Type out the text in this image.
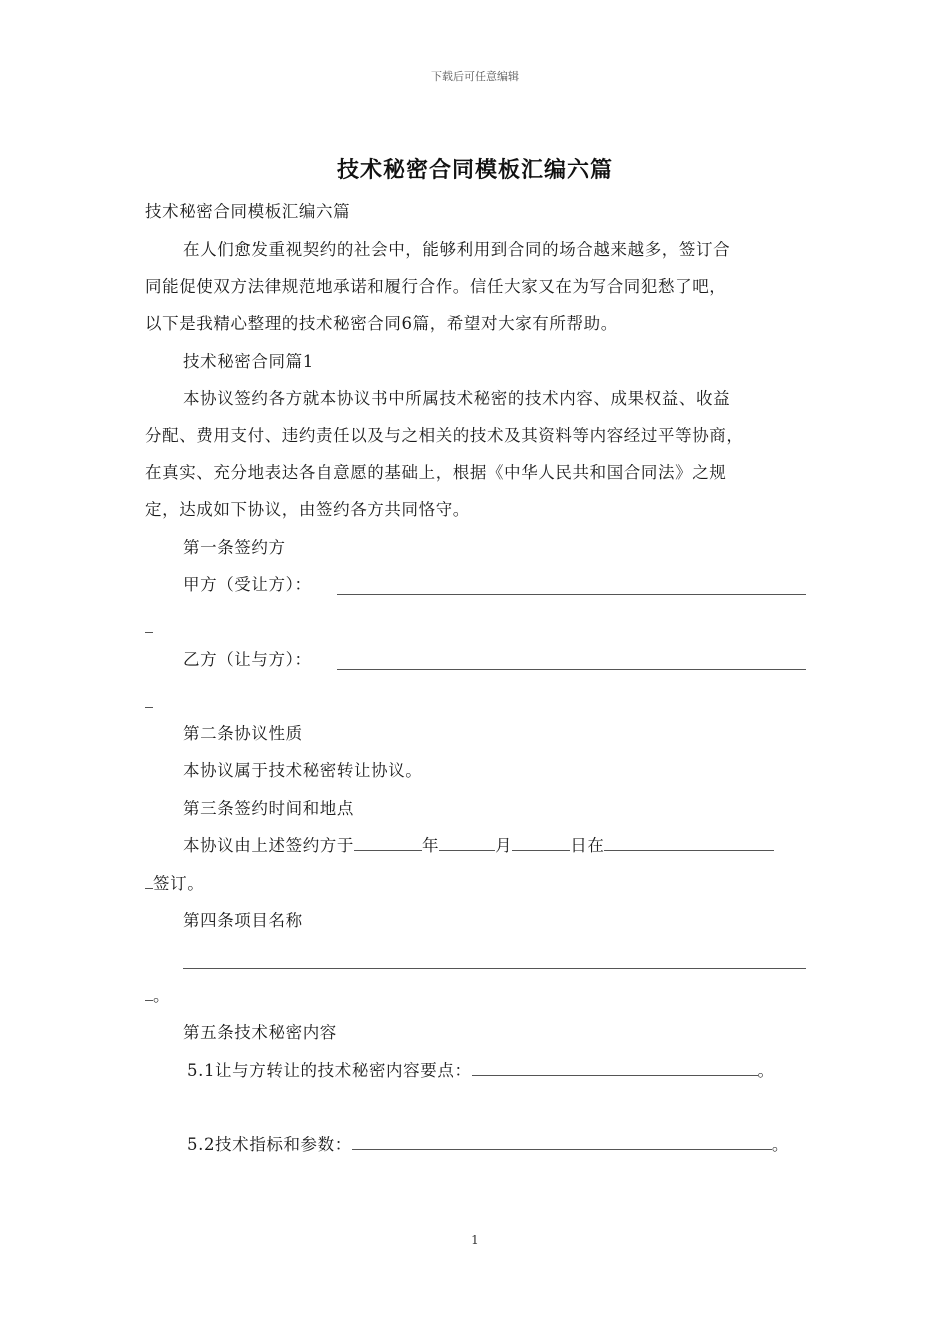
下载后可任意编辑
技术秘密合同模板汇编六篇
技术秘密合同模板汇编六篇
在人们愈发重视契约的社会中，能够利用到合同的场合越来越多，签订合
同能促使双方法律规范地承诺和履行合作。信任大家又在为写合同犯愁了吧，
以下是我精心整理的技术秘密合同6篇，希望对大家有所帮助。
技术秘密合同篇1
本协议签约各方就本协议书中所属技术秘密的技术内容、成果权益、收益
分配、费用支付、违约责任以及与之相关的技术及其资料等内容经过平等协商，
在真实、充分地表达各自意愿的基础上，根据《中华人民共和国合同法》之规
定，达成如下协议，由签约各方共同恪守。
第一条签约方
甲方（受让方）：
乙方（让与方）：
第二条协议性质
本协议属于技术秘密转让协议。
第三条签约时间和地点
本协议由上述签约方于	年	月	日在
签订。
第四条项目名称
。
第五条技术秘密内容
5.1让与方转让的技术秘密内容要点：	。
5.2技术指标和参数：	。
1
